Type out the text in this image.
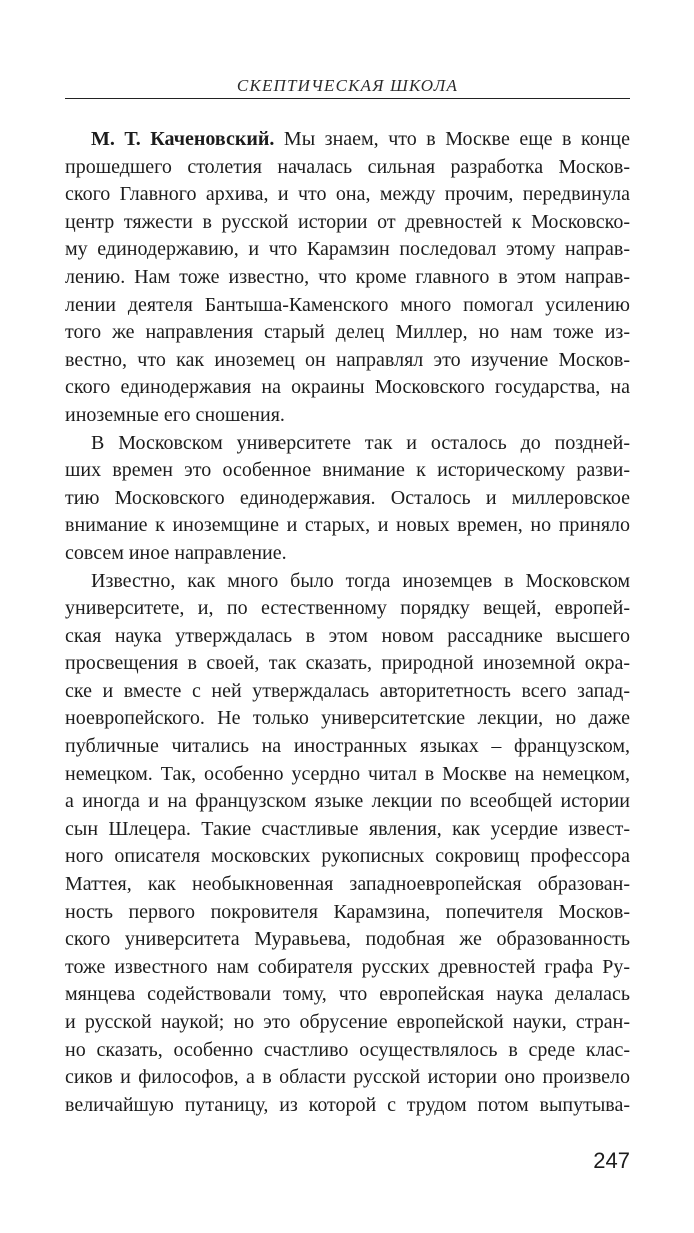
СКЕПТИЧЕСКАЯ ШКОЛА
М. Т. Каченовский. Мы знаем, что в Москве еще в конце
прошедшего столетия началась сильная разработка Москов-
ского Главного архива, и что она, между прочим, передвинула
центр тяжести в русской истории от древностей к Московско-
му единодержавию, и что Карамзин последовал этому направ-
лению. Нам тоже известно, что кроме главного в этом направ-
лении деятеля Бантыша-Каменского много помогал усилению
того же направления старый делец Миллер, но нам тоже из-
вестно, что как иноземец он направлял это изучение Москов-
ского единодержавия на окраины Московского государства, на
иноземные его сношения.
В Московском университете так и осталось до поздней-
ших времен это особенное внимание к историческому разви-
тию Московского единодержавия. Осталось и миллеровское
внимание к иноземщине и старых, и новых времен, но приняло
совсем иное направление.
Известно, как много было тогда иноземцев в Московском
университете, и, по естественному порядку вещей, европей-
ская наука утверждалась в этом новом рассаднике высшего
просвещения в своей, так сказать, природной иноземной окра-
ске и вместе с ней утверждалась авторитетность всего запад-
ноевропейского. Не только университетские лекции, но даже
публичные читались на иностранных языках – французском,
немецком. Так, особенно усердно читал в Москве на немецком,
а иногда и на французском языке лекции по всеобщей истории
сын Шлецера. Такие счастливые явления, как усердие извест-
ного описателя московских рукописных сокровищ профессора
Маттея, как необыкновенная западноевропейская образован-
ность первого покровителя Карамзина, попечителя Москов-
ского университета Муравьева, подобная же образованность
тоже известного нам собирателя русских древностей графа Ру-
мянцева содействовали тому, что европейская наука делалась
и русской наукой; но это обрусение европейской науки, стран-
но сказать, особенно счастливо осуществлялось в среде клас-
сиков и философов, а в области русской истории оно произвело
величайшую путаницу, из которой с трудом потом выпутыва-
247
